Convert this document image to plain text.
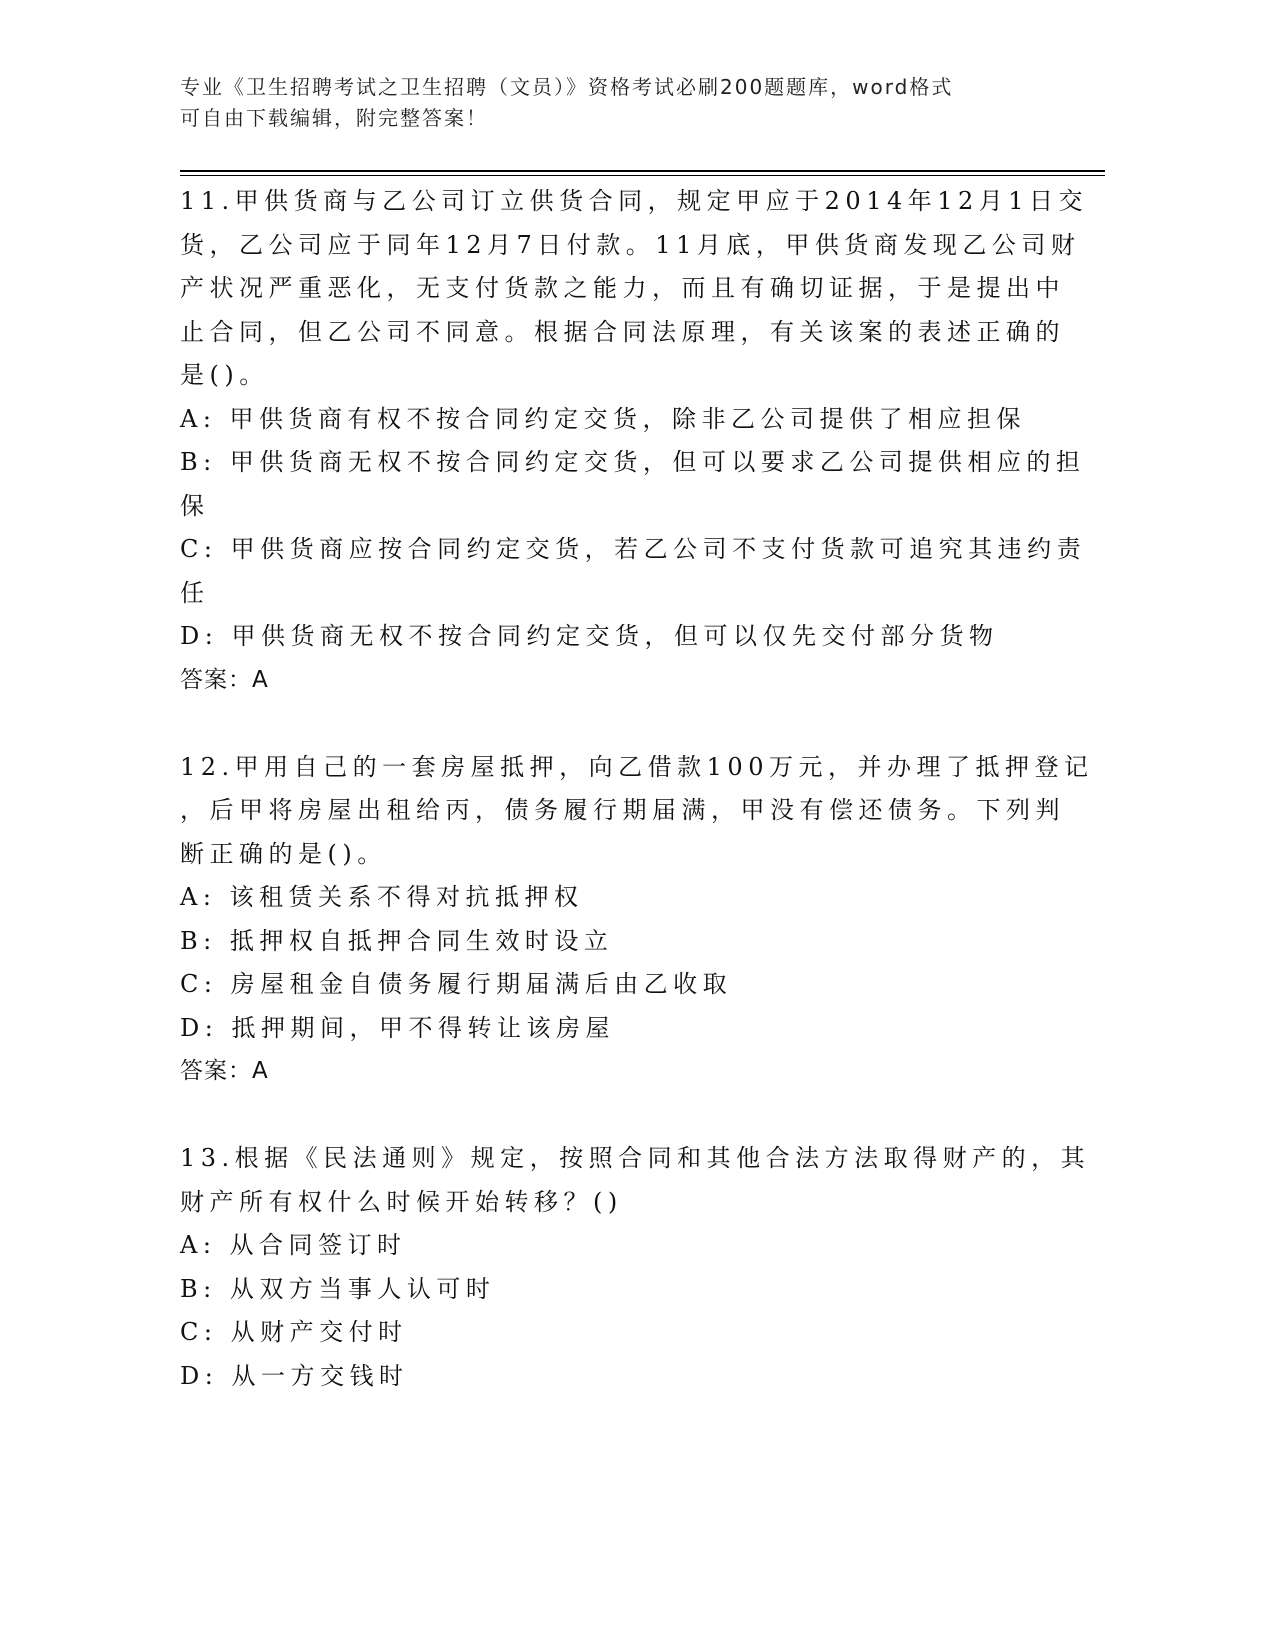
专业《卫生招聘考试之卫生招聘（文员）》资格考试必刷200题题库，word格式
可自由下载编辑，附完整答案！
11.甲供货商与乙公司订立供货合同，规定甲应于2014年12月1日交
货，乙公司应于同年12月7日付款。11月底，甲供货商发现乙公司财
产状况严重恶化，无支付货款之能力，而且有确切证据，于是提出中
止合同，但乙公司不同意。根据合同法原理，有关该案的表述正确的
是()。
A: 甲供货商有权不按合同约定交货，除非乙公司提供了相应担保
B: 甲供货商无权不按合同约定交货，但可以要求乙公司提供相应的担
保
C: 甲供货商应按合同约定交货，若乙公司不支付货款可追究其违约责
任
D: 甲供货商无权不按合同约定交货，但可以仅先交付部分货物
答案：A
12.甲用自己的一套房屋抵押，向乙借款100万元，并办理了抵押登记
，后甲将房屋出租给丙，债务履行期届满，甲没有偿还债务。下列判
断正确的是()。
A: 该租赁关系不得对抗抵押权
B: 抵押权自抵押合同生效时设立
C: 房屋租金自债务履行期届满后由乙收取
D: 抵押期间，甲不得转让该房屋
答案：A
13.根据《民法通则》规定，按照合同和其他合法方法取得财产的，其
财产所有权什么时候开始转移？()
A: 从合同签订时
B: 从双方当事人认可时
C: 从财产交付时
D: 从一方交钱时
